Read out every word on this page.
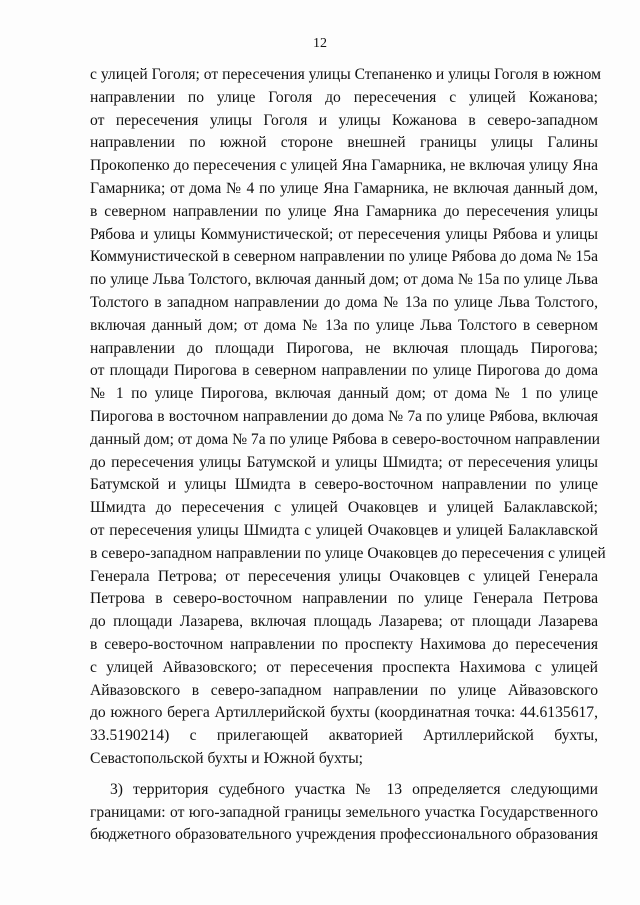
12
с улицей Гоголя; от пересечения улицы Степаненко и улицы Гоголя в южном
направлении по улице Гоголя до пересечения с улицей Кожанова;
от пересечения улицы Гоголя и улицы Кожанова в северо-западном
направлении по южной стороне внешней границы улицы Галины
Прокопенко до пересечения с улицей Яна Гамарника, не включая улицу Яна
Гамарника; от дома № 4 по улице Яна Гамарника, не включая данный дом,
в северном направлении по улице Яна Гамарника до пересечения улицы
Рябова и улицы Коммунистической; от пересечения улицы Рябова и улицы
Коммунистической в северном направлении по улице Рябова до дома № 15а
по улице Льва Толстого, включая данный дом; от дома № 15а по улице Льва
Толстого в западном направлении до дома № 13а по улице Льва Толстого,
включая данный дом; от дома № 13а по улице Льва Толстого в северном
направлении до площади Пирогова, не включая площадь Пирогова;
от площади Пирогова в северном направлении по улице Пирогова до дома
№ 1 по улице Пирогова, включая данный дом; от дома № 1 по улице
Пирогова в восточном направлении до дома № 7а по улице Рябова, включая
данный дом; от дома № 7а по улице Рябова в северо-восточном направлении
до пересечения улицы Батумской и улицы Шмидта; от пересечения улицы
Батумской и улицы Шмидта в северо-восточном направлении по улице
Шмидта до пересечения с улицей Очаковцев и улицей Балаклавской;
от пересечения улицы Шмидта с улицей Очаковцев и улицей Балаклавской
в северо-западном направлении по улице Очаковцев до пересечения с улицей
Генерала Петрова; от пересечения улицы Очаковцев с улицей Генерала
Петрова в северо-восточном направлении по улице Генерала Петрова
до площади Лазарева, включая площадь Лазарева; от площади Лазарева
в северо-восточном направлении по проспекту Нахимова до пересечения
с улицей Айвазовского; от пересечения проспекта Нахимова с улицей
Айвазовского в северо-западном направлении по улице Айвазовского
до южного берега Артиллерийской бухты (координатная точка: 44.6135617,
33.5190214) с прилегающей акваторией Артиллерийской бухты,
Севастопольской бухты и Южной бухты;
3) территория судебного участка № 13 определяется следующими
границами: от юго-западной границы земельного участка Государственного
бюджетного образовательного учреждения профессионального образования
